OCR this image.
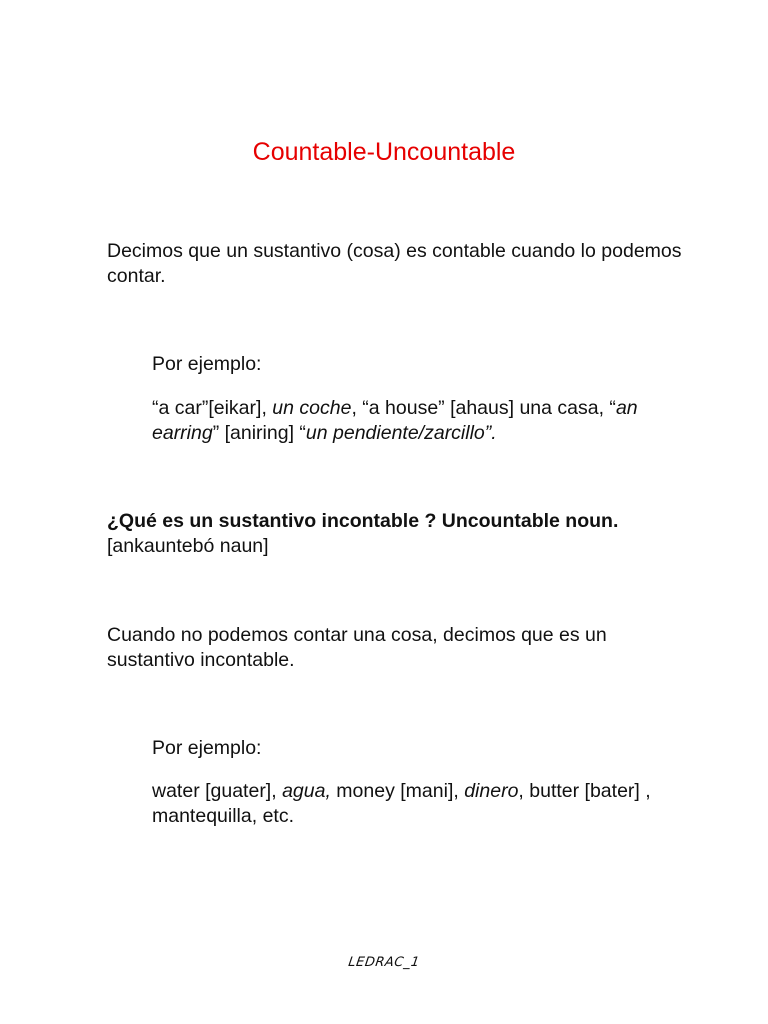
Countable-Uncountable

Decimos que un sustantivo (cosa) es contable cuando lo podemos contar.

Por ejemplo:

“a car”[eikar], un coche, “a house” [ahaus] una casa, “an earring” [aniring] “un pendiente/zarcillo”.

¿Qué es un sustantivo incontable ? Uncountable noun. [ankauntebó naun]

Cuando no podemos contar una cosa, decimos que es un sustantivo incontable.

Por ejemplo:

water [guater], agua, money [mani], dinero, butter [bater] , mantequilla, etc.

LEDRAC_1
